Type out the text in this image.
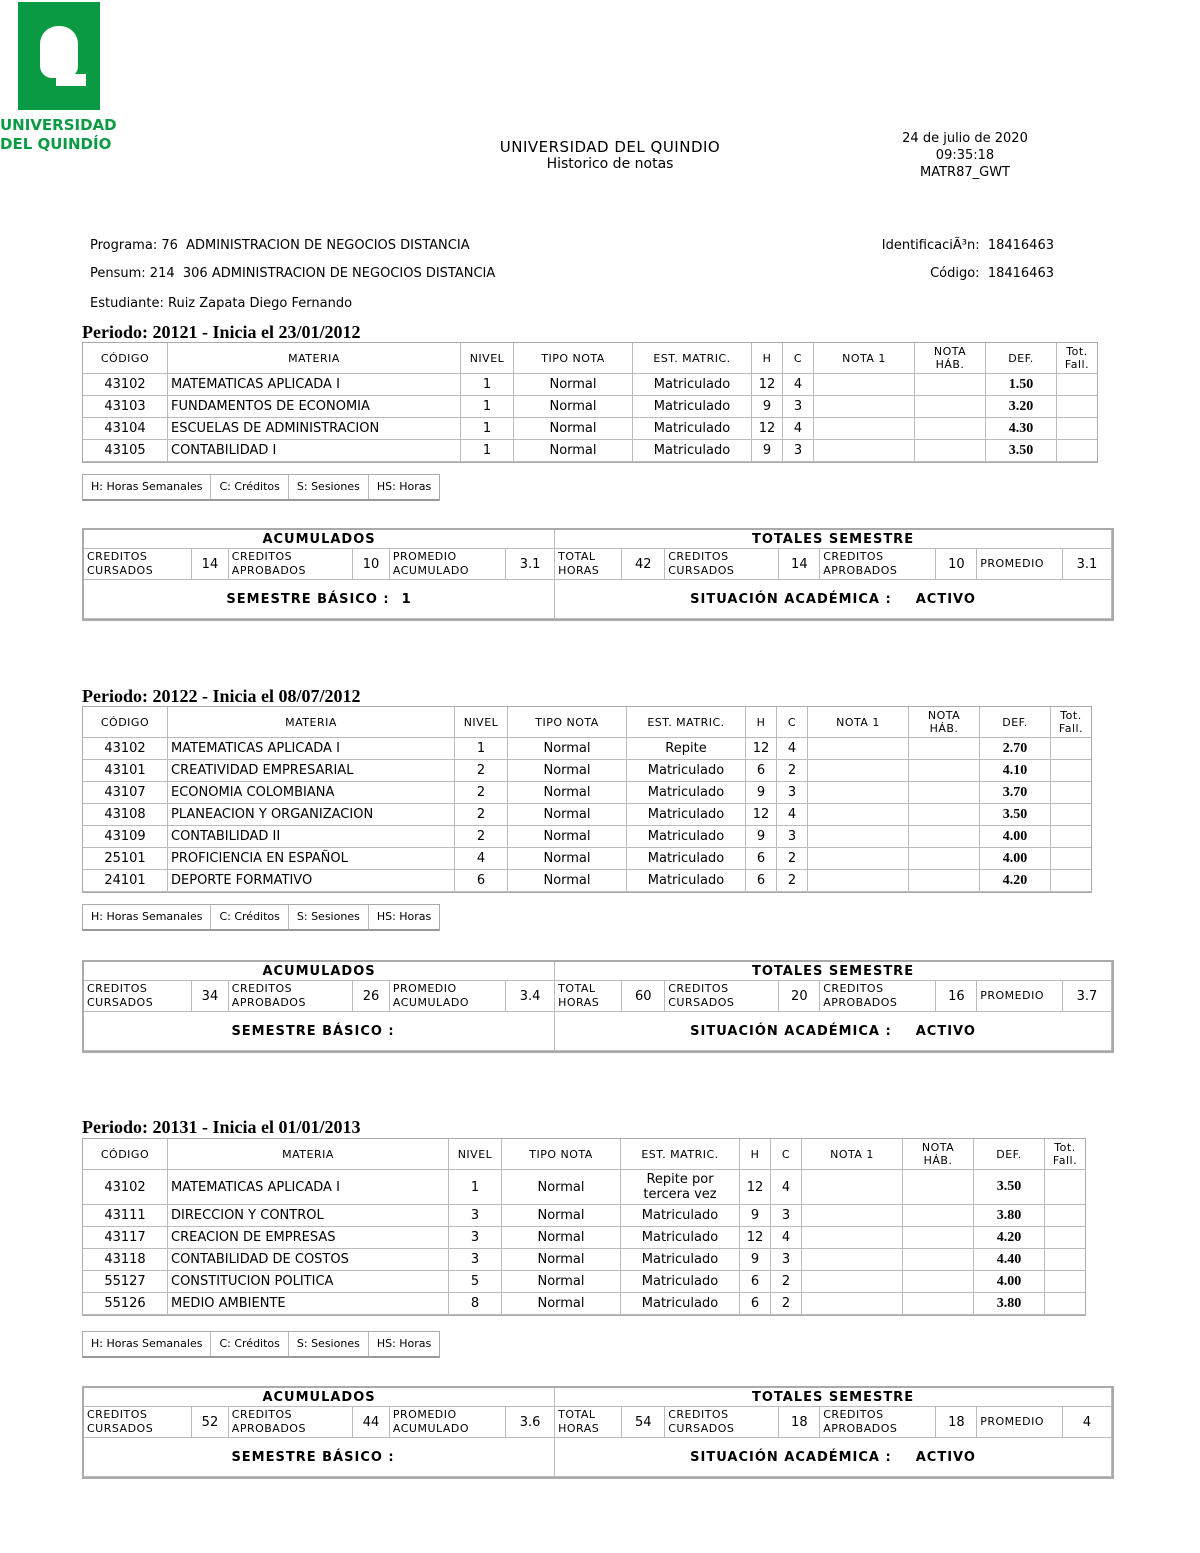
UNIVERSIDAD
DEL QUINDÍO	UNIVERSIDAD DEL QUINDIO
Historico de notas
24 de julio de 2020
09:35:18
MATR87_GWT
Programa: 76  ADMINISTRACION DE NEGOCIOS DISTANCIA
Pensum: 214  306 ADMINISTRACION DE NEGOCIOS DISTANCIA
Estudiante: Ruiz Zapata Diego Fernando
IdentificaciÃ³n:  18416463
Código:  18416463
Periodo: 20121 - Inicia el 23/01/2012
CÓDIGO	MATERIA	NIVEL	TIPO NOTA	EST. MATRIC.	H	C	NOTA 1	NOTA HÁB.	DEF.	Tot. Fall.
43102	MATEMATICAS APLICADA I	1	Normal	Matriculado	12	4			1.50	
43103	FUNDAMENTOS DE ECONOMIA	1	Normal	Matriculado	9	3			3.20	
43104	ESCUELAS DE ADMINISTRACION	1	Normal	Matriculado	12	4			4.30	
43105	CONTABILIDAD I	1	Normal	Matriculado	9	3			3.50	
H: Horas Semanales	C: Créditos	S: Sesiones	HS: Horas
ACUMULADOS						TOTALES SEMESTRE							
CREDITOS CURSADOS	14	CREDITOS APROBADOS	10	PROMEDIO ACUMULADO	3.1	TOTAL HORAS	42	CREDITOS CURSADOS	14	CREDITOS APROBADOS	10	PROMEDIO	3.1
SEMESTRE BÁSICO : 1						SITUACIÓN ACADÉMICA : ACTIVO							
Periodo: 20122 - Inicia el 08/07/2012
CÓDIGO	MATERIA	NIVEL	TIPO NOTA	EST. MATRIC.	H	C	NOTA 1	NOTA HÁB.	DEF.	Tot. Fall.
43102	MATEMATICAS APLICADA I	1	Normal	Repite	12	4			2.70	
43101	CREATIVIDAD EMPRESARIAL	2	Normal	Matriculado	6	2			4.10	
43107	ECONOMIA COLOMBIANA	2	Normal	Matriculado	9	3			3.70	
43108	PLANEACION Y ORGANIZACION	2	Normal	Matriculado	12	4			3.50	
43109	CONTABILIDAD II	2	Normal	Matriculado	9	3			4.00	
25101	PROFICIENCIA EN ESPAÑOL	4	Normal	Matriculado	6	2			4.00	
24101	DEPORTE FORMATIVO	6	Normal	Matriculado	6	2			4.20	
H: Horas Semanales	C: Créditos	S: Sesiones	HS: Horas
ACUMULADOS						TOTALES SEMESTRE							
CREDITOS CURSADOS	34	CREDITOS APROBADOS	26	PROMEDIO ACUMULADO	3.4	TOTAL HORAS	60	CREDITOS CURSADOS	20	CREDITOS APROBADOS	16	PROMEDIO	3.7
SEMESTRE BÁSICO :						SITUACIÓN ACADÉMICA : ACTIVO							
Periodo: 20131 - Inicia el 01/01/2013
CÓDIGO	MATERIA	NIVEL	TIPO NOTA	EST. MATRIC.	H	C	NOTA 1	NOTA HÁB.	DEF.	Tot. Fall.
43102	MATEMATICAS APLICADA I	1	Normal	Repite por tercera vez	12	4			3.50	
43111	DIRECCION Y CONTROL	3	Normal	Matriculado	9	3			3.80	
43117	CREACION DE EMPRESAS	3	Normal	Matriculado	12	4			4.20	
43118	CONTABILIDAD DE COSTOS	3	Normal	Matriculado	9	3			4.40	
55127	CONSTITUCION POLITICA	5	Normal	Matriculado	6	2			4.00	
55126	MEDIO AMBIENTE	8	Normal	Matriculado	6	2			3.80	
H: Horas Semanales	C: Créditos	S: Sesiones	HS: Horas
ACUMULADOS						TOTALES SEMESTRE							
CREDITOS CURSADOS	52	CREDITOS APROBADOS	44	PROMEDIO ACUMULADO	3.6	TOTAL HORAS	54	CREDITOS CURSADOS	18	CREDITOS APROBADOS	18	PROMEDIO	4
SEMESTRE BÁSICO :						SITUACIÓN ACADÉMICA : ACTIVO							
